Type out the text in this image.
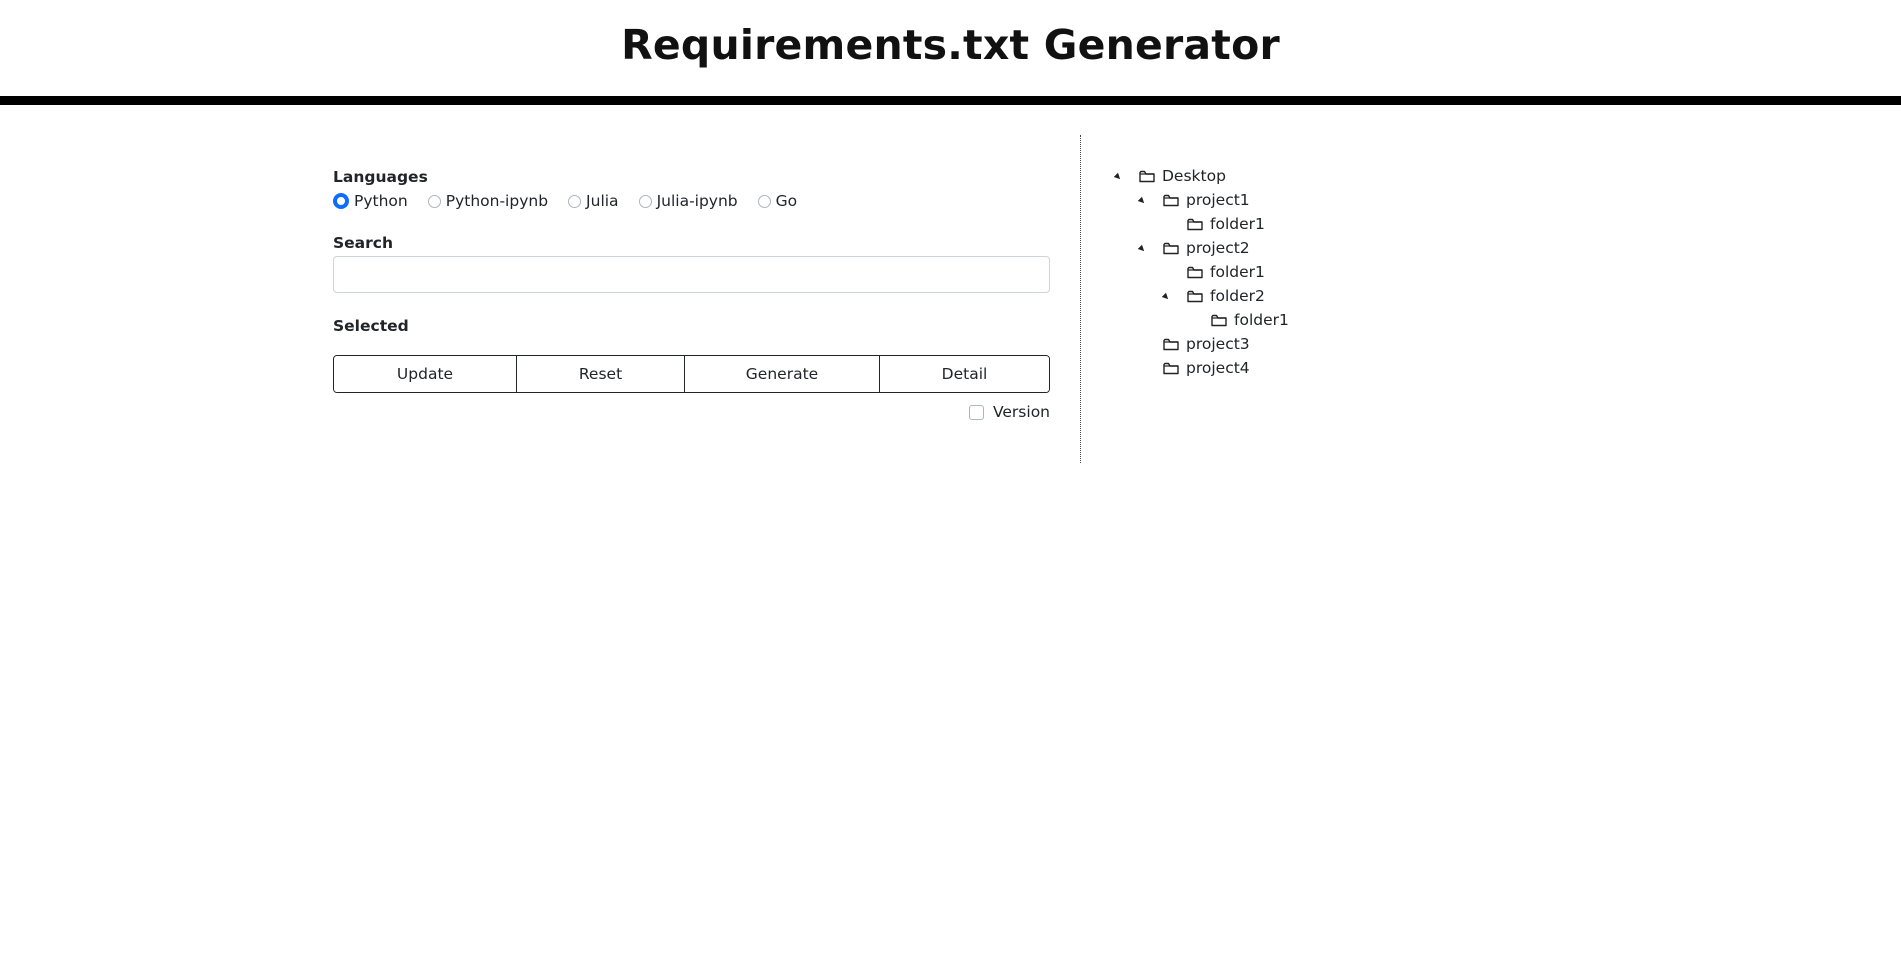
Requirements.txt Generator
Languages
Python Python-ipynb Julia Julia-ipynb Go
Search
Selected
Update	Reset	Generate	Detail
Version
Desktop
project1
folder1
project2
folder1
folder2
folder1
project3
project4
